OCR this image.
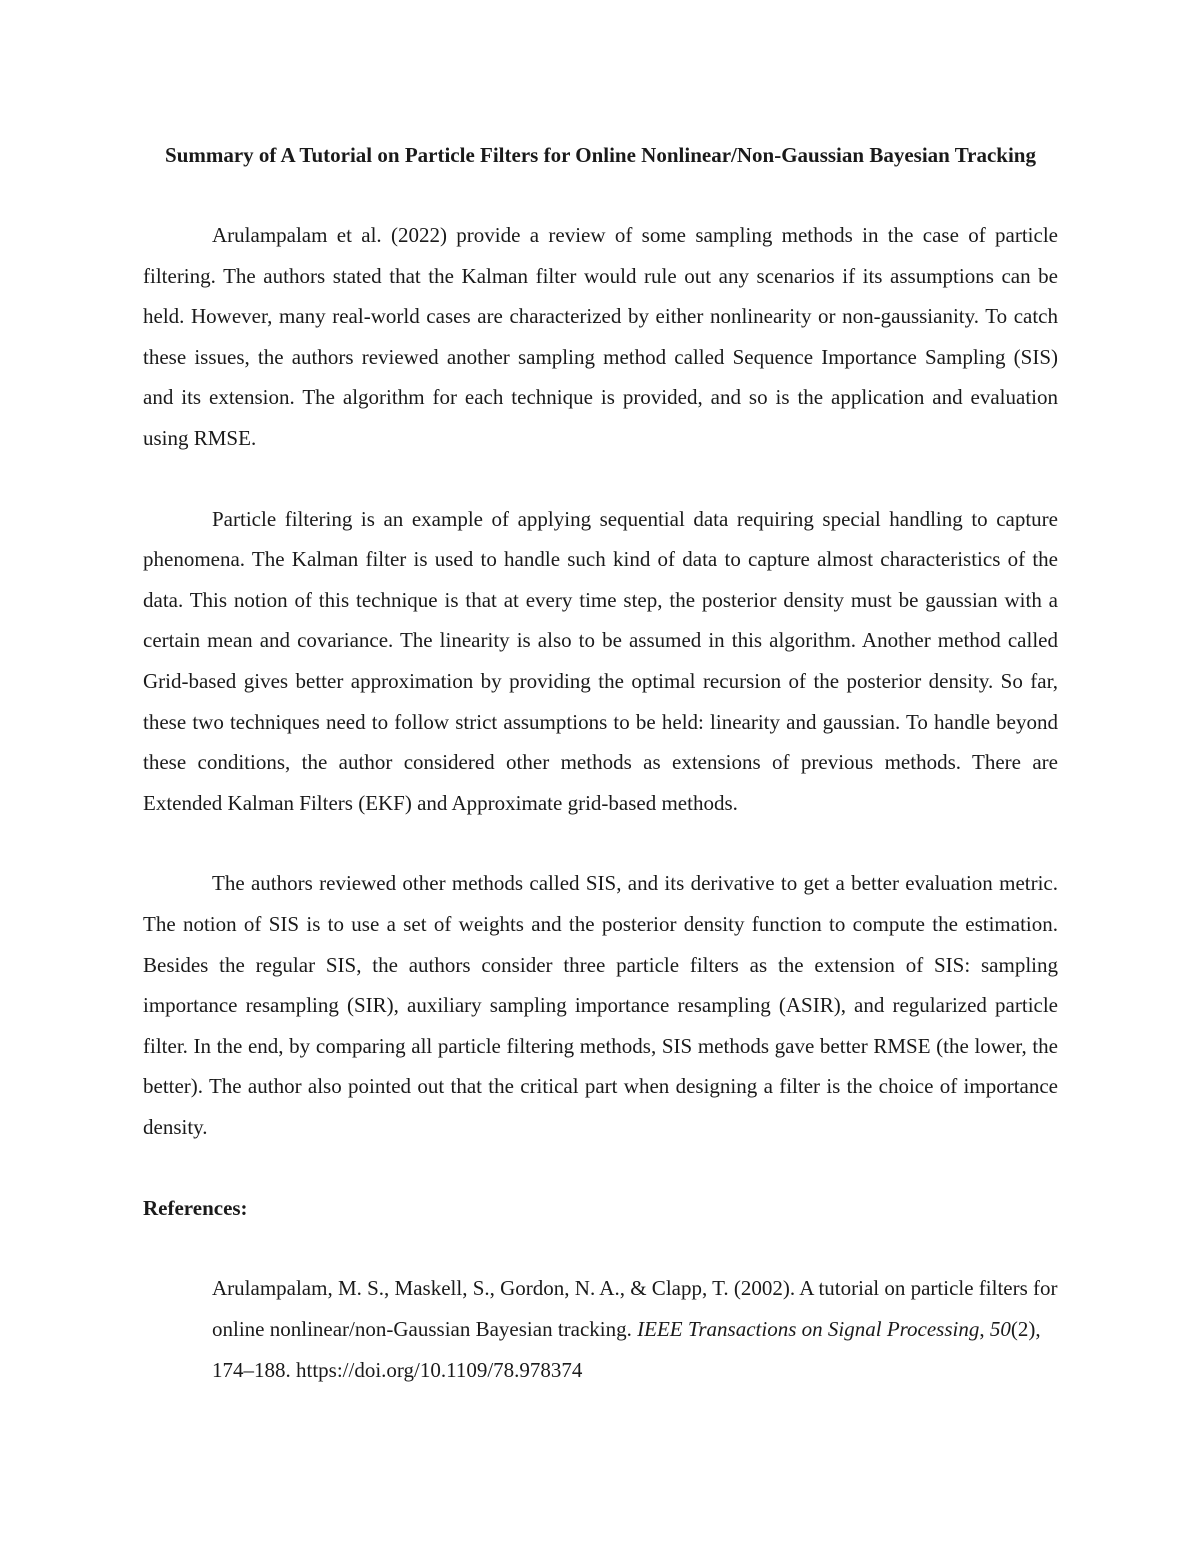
Summary of A Tutorial on Particle Filters for Online Nonlinear/Non-Gaussian Bayesian Tracking

Arulampalam et al. (2022) provide a review of some sampling methods in the case of particle filtering. The authors stated that the Kalman filter would rule out any scenarios if its assumptions can be held. However, many real-world cases are characterized by either nonlinearity or non-gaussianity. To catch these issues, the authors reviewed another sampling method called Sequence Importance Sampling (SIS) and its extension. The algorithm for each technique is provided, and so is the application and evaluation using RMSE.

Particle filtering is an example of applying sequential data requiring special handling to capture phenomena. The Kalman filter is used to handle such kind of data to capture almost characteristics of the data. This notion of this technique is that at every time step, the posterior density must be gaussian with a certain mean and covariance. The linearity is also to be assumed in this algorithm. Another method called Grid-based gives better approximation by providing the optimal recursion of the posterior density. So far, these two techniques need to follow strict assumptions to be held: linearity and gaussian. To handle beyond these conditions, the author considered other methods as extensions of previous methods. There are Extended Kalman Filters (EKF) and Approximate grid-based methods.

The authors reviewed other methods called SIS, and its derivative to get a better evaluation metric. The notion of SIS is to use a set of weights and the posterior density function to compute the estimation. Besides the regular SIS, the authors consider three particle filters as the extension of SIS: sampling importance resampling (SIR), auxiliary sampling importance resampling (ASIR), and regularized particle filter. In the end, by comparing all particle filtering methods, SIS methods gave better RMSE (the lower, the better). The author also pointed out that the critical part when designing a filter is the choice of importance density.

References:

Arulampalam, M. S., Maskell, S., Gordon, N. A., & Clapp, T. (2002). A tutorial on particle filters for online nonlinear/non-Gaussian Bayesian tracking. IEEE Transactions on Signal Processing, 50(2), 174–188. https://doi.org/10.1109/78.978374
